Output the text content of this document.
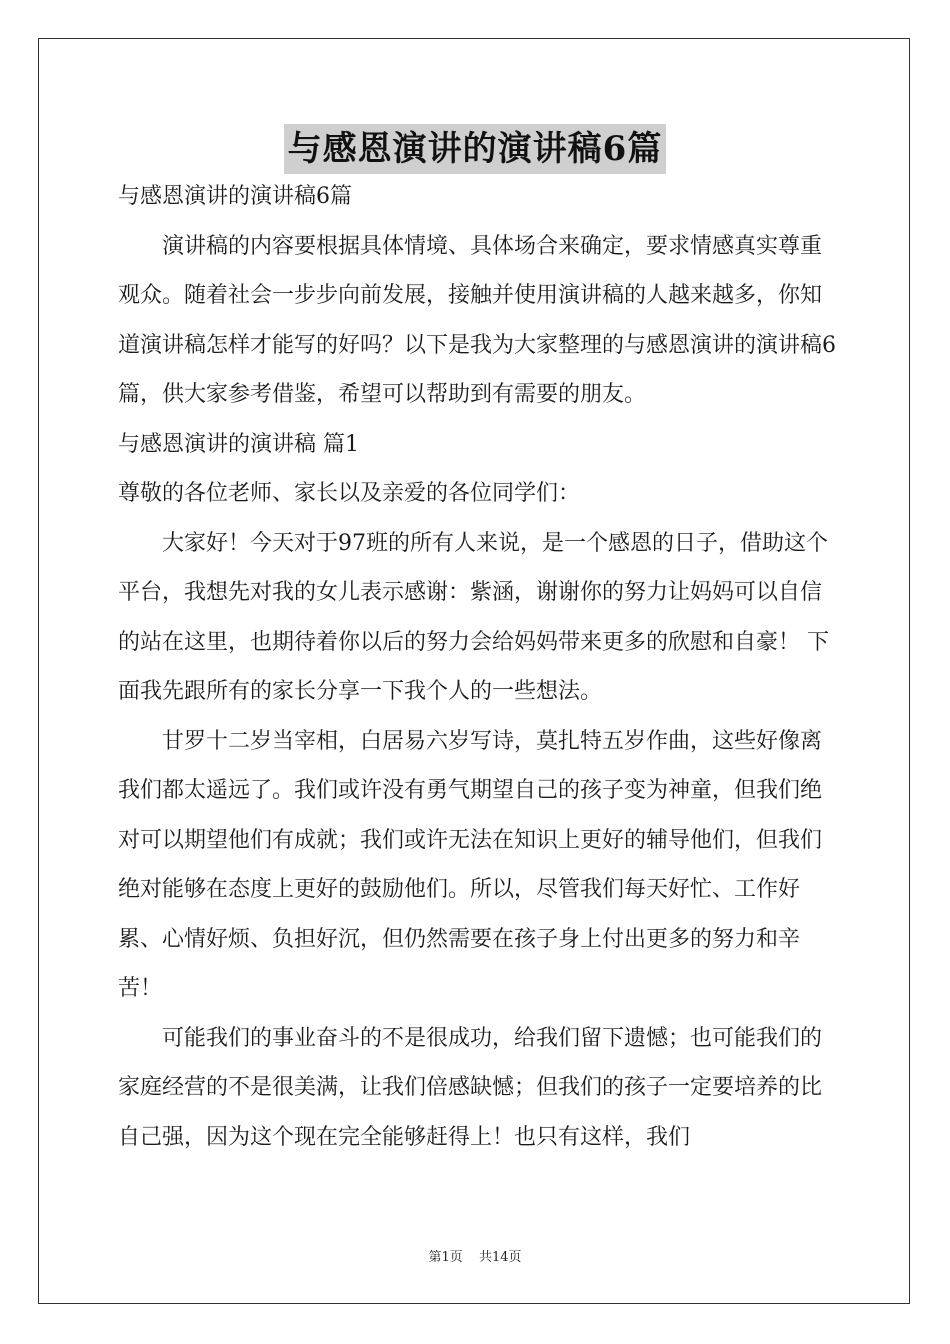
与感恩演讲的演讲稿6篇

与感恩演讲的演讲稿6篇

演讲稿的内容要根据具体情境、具体场合来确定，要求情感真实尊重观众。随着社会一步步向前发展，接触并使用演讲稿的人越来越多，你知道演讲稿怎样才能写的好吗？以下是我为大家整理的与感恩演讲的演讲稿6篇，供大家参考借鉴，希望可以帮助到有需要的朋友。

与感恩演讲的演讲稿 篇1

尊敬的各位老师、家长以及亲爱的各位同学们：

大家好！今天对于97班的所有人来说，是一个感恩的日子，借助这个平台，我想先对我的女儿表示感谢：紫涵，谢谢你的努力让妈妈可以自信的站在这里，也期待着你以后的努力会给妈妈带来更多的欣慰和自豪！ 下面我先跟所有的家长分享一下我个人的一些想法。

甘罗十二岁当宰相，白居易六岁写诗，莫扎特五岁作曲，这些好像离我们都太遥远了。我们或许没有勇气期望自己的孩子变为神童，但我们绝对可以期望他们有成就；我们或许无法在知识上更好的辅导他们，但我们绝对能够在态度上更好的鼓励他们。所以，尽管我们每天好忙、工作好累、心情好烦、负担好沉，但仍然需要在孩子身上付出更多的努力和辛苦！

可能我们的事业奋斗的不是很成功，给我们留下遗憾；也可能我们的家庭经营的不是很美满，让我们倍感缺憾；但我们的孩子一定要培养的比自己强，因为这个现在完全能够赶得上！也只有这样，我们

第1页 共14页
